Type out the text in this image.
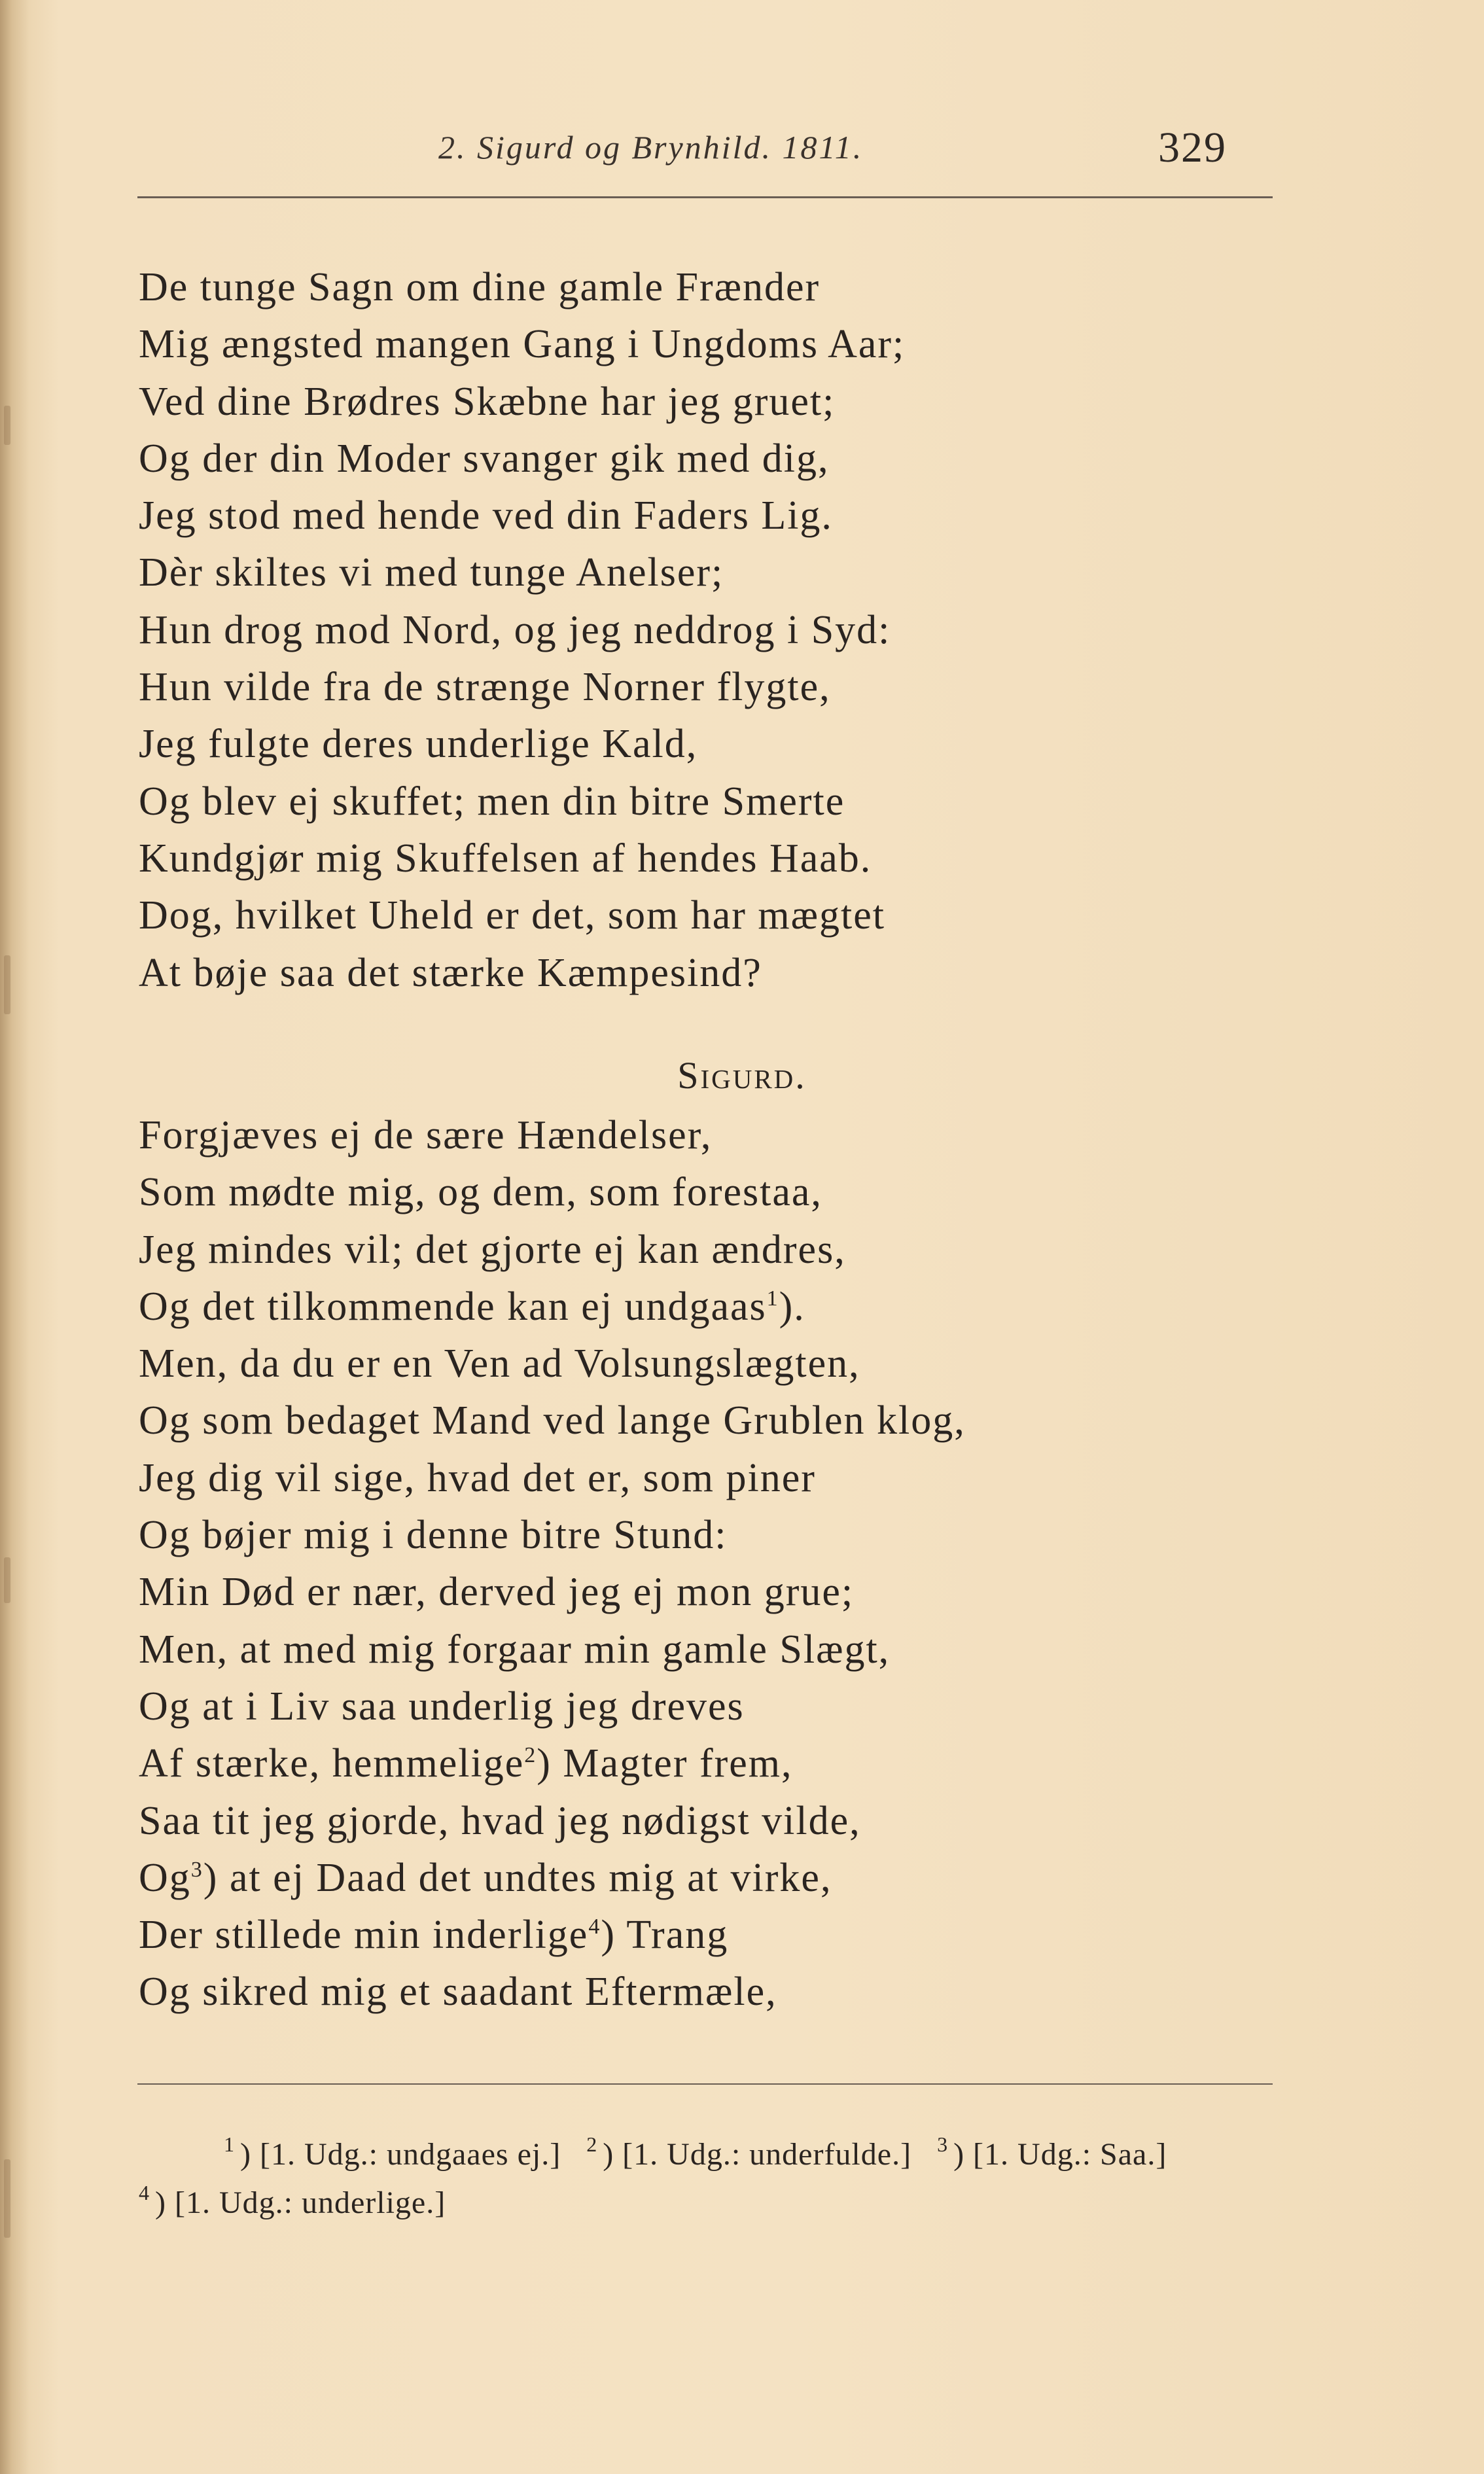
2. Sigurd og Brynhild. 1811.	329
De tunge Sagn om dine gamle Frænder
Mig ængsted mangen Gang i Ungdoms Aar;
Ved dine Brødres Skæbne har jeg gruet;
Og der din Moder svanger gik med dig,
Jeg stod med hende ved din Faders Lig.
Dèr skiltes vi med tunge Anelser;
Hun drog mod Nord, og jeg neddrog i Syd:
Hun vilde fra de strænge Norner flygte,
Jeg fulgte deres underlige Kald,
Og blev ej skuffet; men din bitre Smerte
Kundgjør mig Skuffelsen af hendes Haab.
Dog, hvilket Uheld er det, som har mægtet
At bøje saa det stærke Kæmpesind?
Sigurd.
Forgjæves ej de sære Hændelser,
Som mødte mig, og dem, som forestaa,
Jeg mindes vil; det gjorte ej kan ændres,
Og det tilkommende kan ej undgaas$^1$).
Men, da du er en Ven ad Volsungslægten,
Og som bedaget Mand ved lange Grublen klog,
Jeg dig vil sige, hvad det er, som piner
Og bøjer mig i denne bitre Stund:
Min Død er nær, derved jeg ej mon grue;
Men, at med mig forgaar min gamle Slægt,
Og at i Liv saa underlig jeg dreves
Af stærke, hemmelige$^2$) Magter frem,
Saa tit jeg gjorde, hvad jeg nødigst vilde,
Og$^3$) at ej Daad det undtes mig at virke,
Der stillede min inderlige$^4$) Trang
Og sikred mig et saadant Eftermæle,
$^1$ ) [1. Udg.: undgaaes ej.] $^2$ ) [1. Udg.: underfulde.] $^3$ ) [1. Udg.: Saa.]
$^4$ ) [1. Udg.: underlige.]
